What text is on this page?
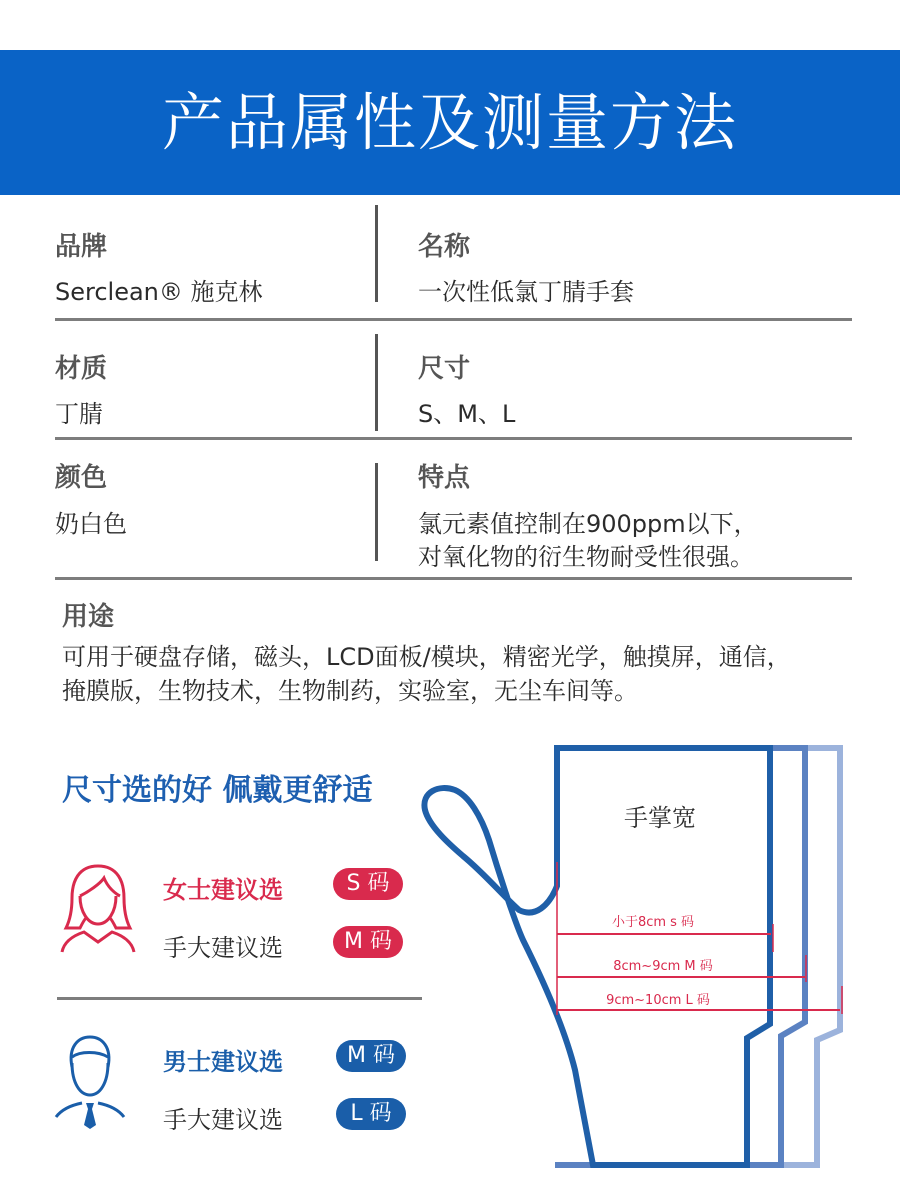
产品属性及测量方法
品牌
Serclean® 施克林
名称
一次性低氯丁腈手套
材质
丁腈
尺寸
S、M、L
颜色
奶白色
特点
氯元素值控制在900ppm以下，
对氧化物的衍生物耐受性很强。
用途
可用于硬盘存储，磁头，LCD面板/模块，精密光学，触摸屏，通信，
掩膜版，生物技术，生物制药，实验室，无尘车间等。
尺寸选的好 佩戴更舒适
女士建议选	S 码
手大建议选	M 码
男士建议选	M 码
手大建议选	L 码
手掌宽
小于8cm s 码
8cm~9cm M 码
9cm~10cm L 码
